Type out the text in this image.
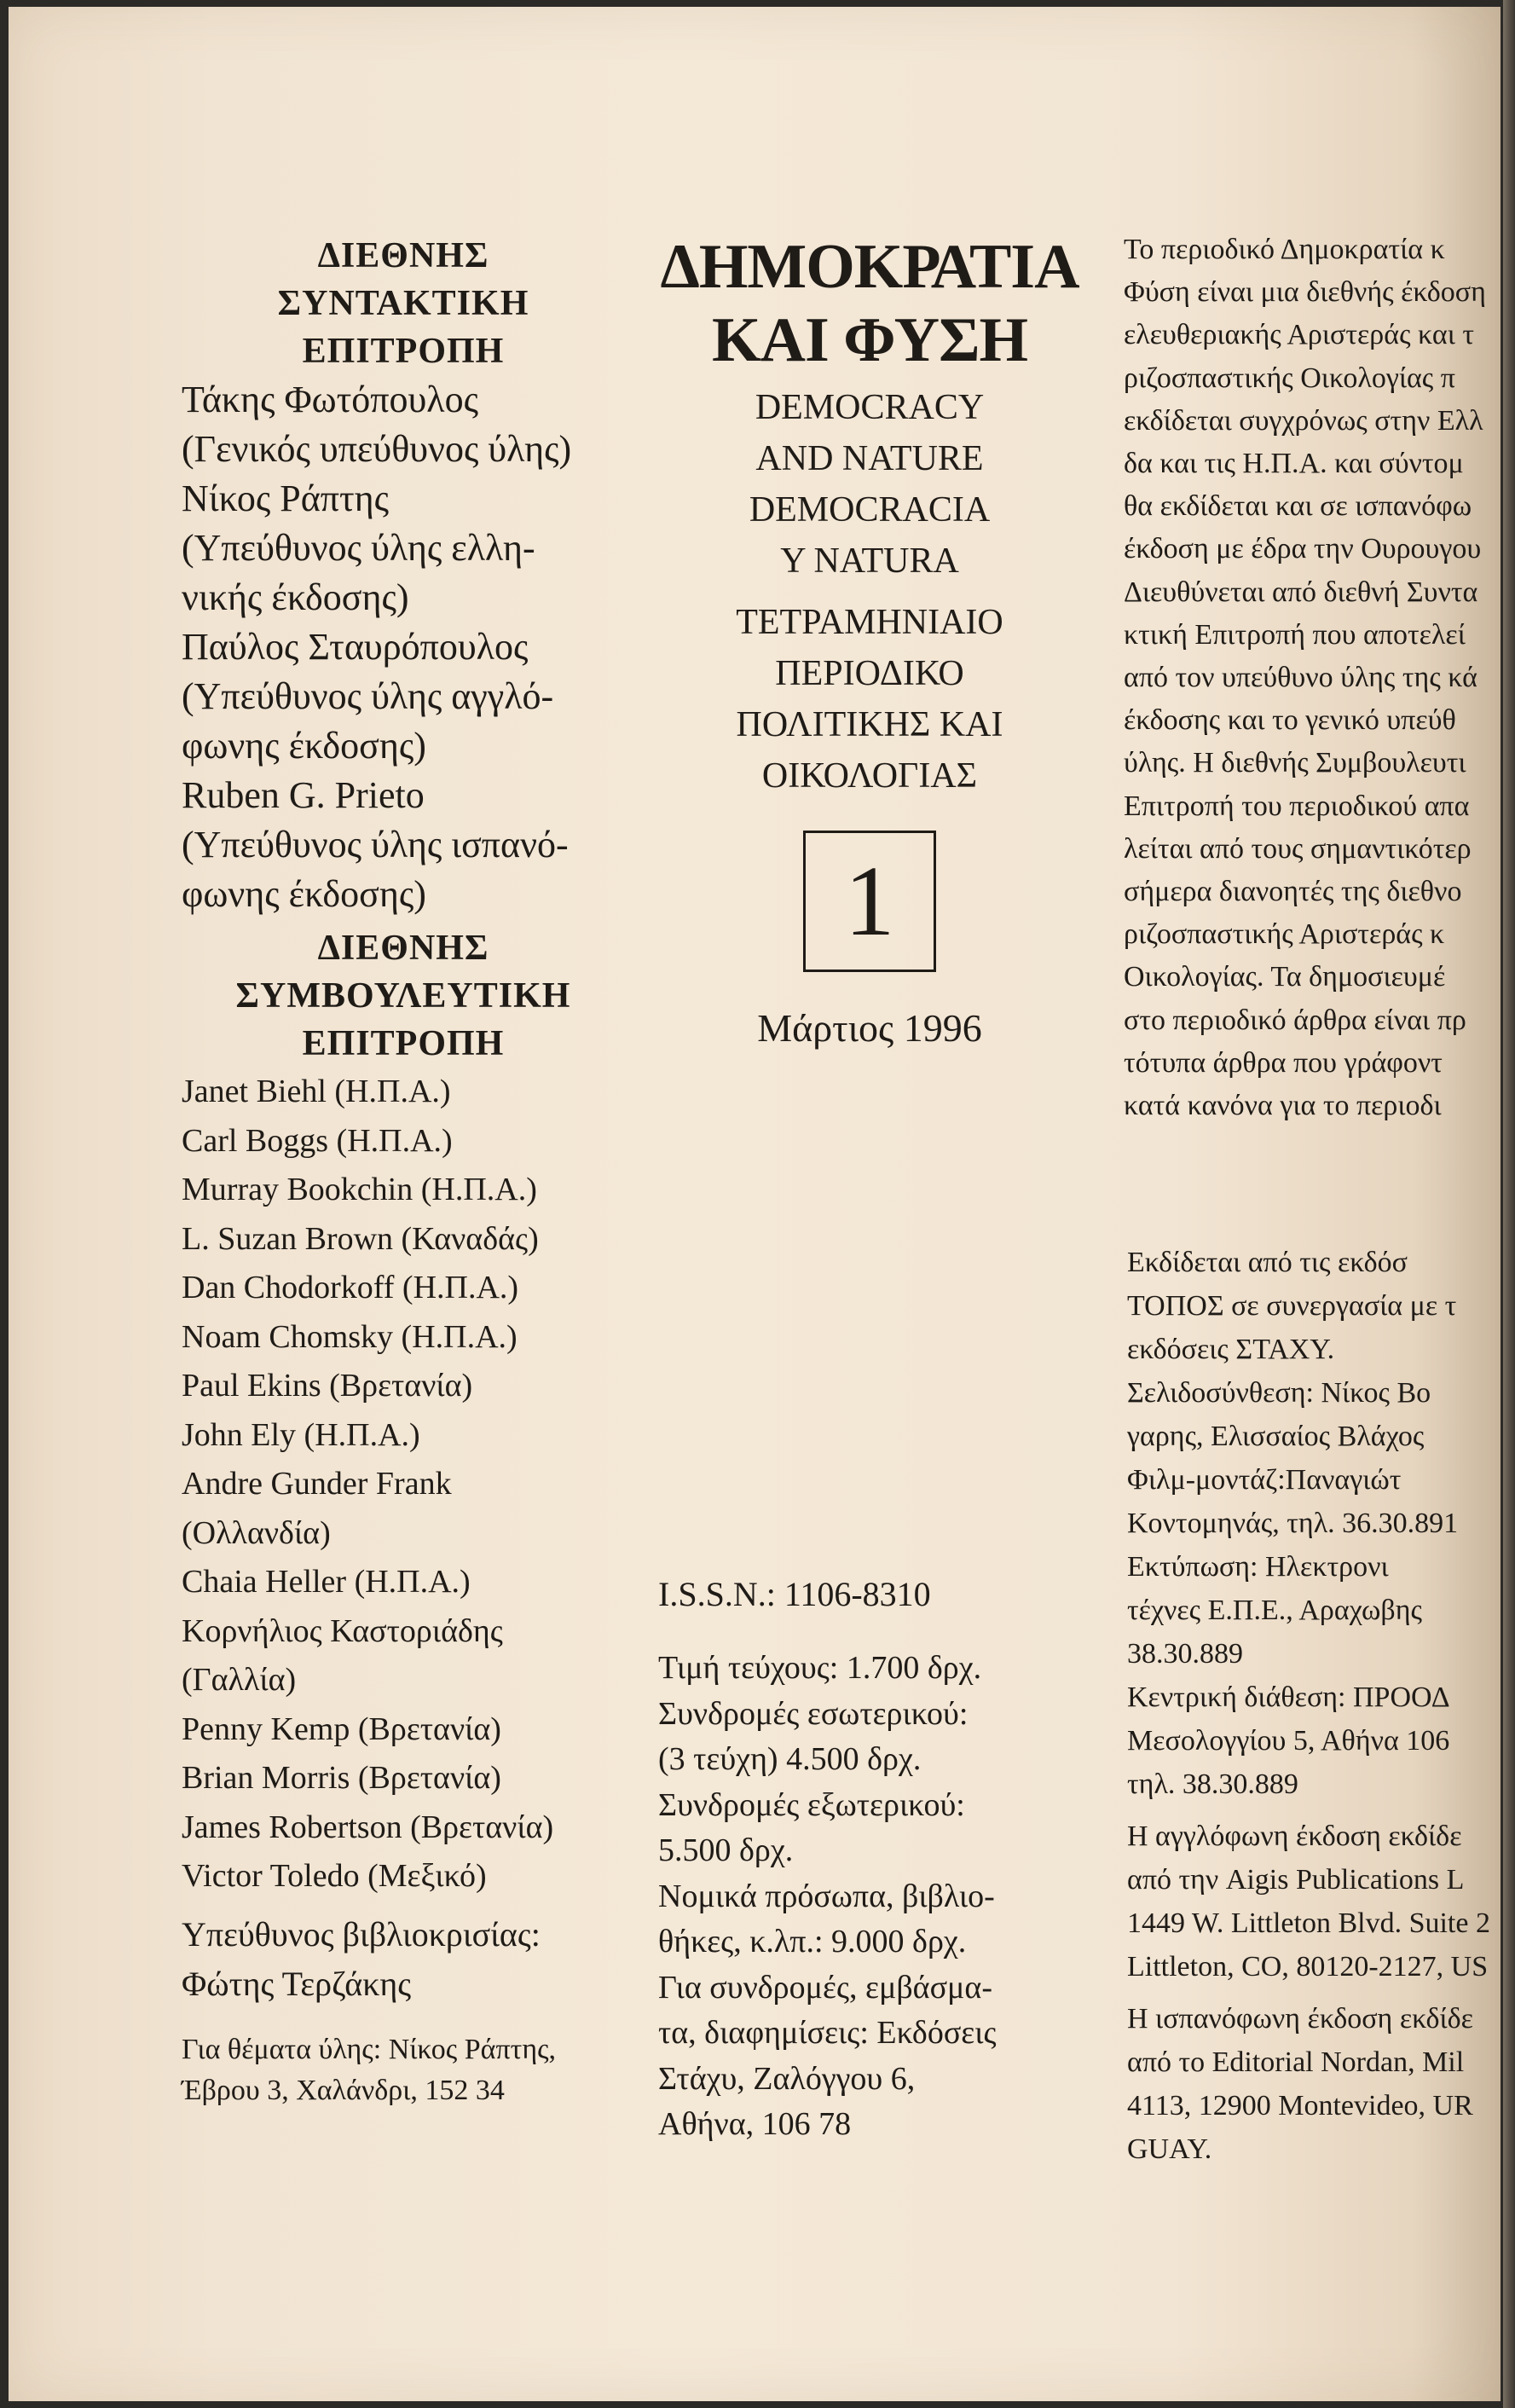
ΔΙΕΘΝΗΣ
ΣΥΝΤΑΚΤΙΚΗ
ΕΠΙΤΡΟΠΗ
Τάκης Φωτόπουλος
(Γενικός υπεύθυνος ύλης)
Νίκος Ράπτης
(Υπεύθυνος ύλης ελλη-
νικής έκδοσης)
Παύλος Σταυρόπουλος
(Υπεύθυνος ύλης αγγλό-
φωνης έκδοσης)
Ruben G. Prieto
(Υπεύθυνος ύλης ισπανό-
φωνης έκδοσης)
ΔΙΕΘΝΗΣ
ΣΥΜΒΟΥΛΕΥΤΙΚΗ
ΕΠΙΤΡΟΠΗ
Janet Biehl (Η.Π.Α.)
Carl Boggs (Η.Π.Α.)
Murray Bookchin (Η.Π.Α.)
L. Suzan Brown (Καναδάς)
Dan Chodorkoff (Η.Π.Α.)
Noam Chomsky (Η.Π.Α.)
Paul Ekins (Βρετανία)
John Ely (Η.Π.Α.)
Andre Gunder Frank
(Ολλανδία)
Chaia Heller (Η.Π.Α.)
Κορνήλιος Καστοριάδης
(Γαλλία)
Penny Kemp (Βρετανία)
Brian Morris (Βρετανία)
James Robertson (Βρετανία)
Victor Toledo (Μεξικό)
Υπεύθυνος βιβλιοκρισίας:
Φώτης Τερζάκης
Για θέματα ύλης: Νίκος Ράπτης,
Έβρου 3, Χαλάνδρι, 152 34
ΔΗΜΟΚΡΑΤΙΑ
ΚΑΙ ΦΥΣΗ
DEMOCRACY
AND NATURE
DEMOCRACIA
Y NATURA
ΤΕΤΡΑΜΗΝΙΑΙΟ
ΠΕΡΙΟΔΙΚΟ
ΠΟΛΙΤΙΚΗΣ ΚΑΙ
ΟΙΚΟΛΟΓΙΑΣ
1
Μάρτιος 1996
I.S.S.N.: 1106-8310
Τιμή τεύχους: 1.700 δρχ.
Συνδρομές εσωτερικού:
(3 τεύχη) 4.500 δρχ.
Συνδρομές εξωτερικού:
5.500 δρχ.
Νομικά πρόσωπα, βιβλιο-
θήκες, κ.λπ.: 9.000 δρχ.
Για συνδρομές, εμβάσμα-
τα, διαφημίσεις: Εκδόσεις
Στάχυ, Ζαλόγγου 6,
Αθήνα, 106 78
Το περιοδικό Δημοκρατία κ
Φύση είναι μια διεθνής έκδοση
ελευθεριακής Αριστεράς και τ
ριζοσπαστικής Οικολογίας π
εκδίδεται συγχρόνως στην Ελλ
δα και τις Η.Π.Α. και σύντομ
θα εκδίδεται και σε ισπανόφω
έκδοση με έδρα την Ουρουγου
Διευθύνεται από διεθνή Συντα
κτική Επιτροπή που αποτελεί
από τον υπεύθυνο ύλης της κά
έκδοσης και το γενικό υπεύθ
ύλης. Η διεθνής Συμβουλευτι
Επιτροπή του περιοδικού απα
λείται από τους σημαντικότερ
σήμερα διανοητές της διεθνο
ριζοσπαστικής Αριστεράς κ
Οικολογίας. Τα δημοσιευμέ
στο περιοδικό άρθρα είναι πρ
τότυπα άρθρα που γράφοντ
κατά κανόνα για το περιοδι
Εκδίδεται από τις εκδόσ
ΤΟΠΟΣ σε συνεργασία με τ
εκδόσεις ΣΤΑΧΥ.
Σελιδοσύνθεση: Νίκος Βο
γαρης, Ελισσαίος Βλάχος
Φιλμ-μοντάζ:Παναγιώτ
Κοντομηνάς, τηλ. 36.30.891
Εκτύπωση: Ηλεκτρονι
τέχνες Ε.Π.Ε., Αραχωβης
38.30.889
Κεντρική διάθεση: ΠΡΟΟΔ
Μεσολογγίου 5, Αθήνα 106
τηλ. 38.30.889
Η αγγλόφωνη έκδοση εκδίδε
από την Aigis Publications L
1449 W. Littleton Blvd. Suite 2
Littleton, CO, 80120-2127, US
Η ισπανόφωνη έκδοση εκδίδε
από το Editorial Nordan, Mil
4113, 12900 Montevideo, UR
GUAY.
